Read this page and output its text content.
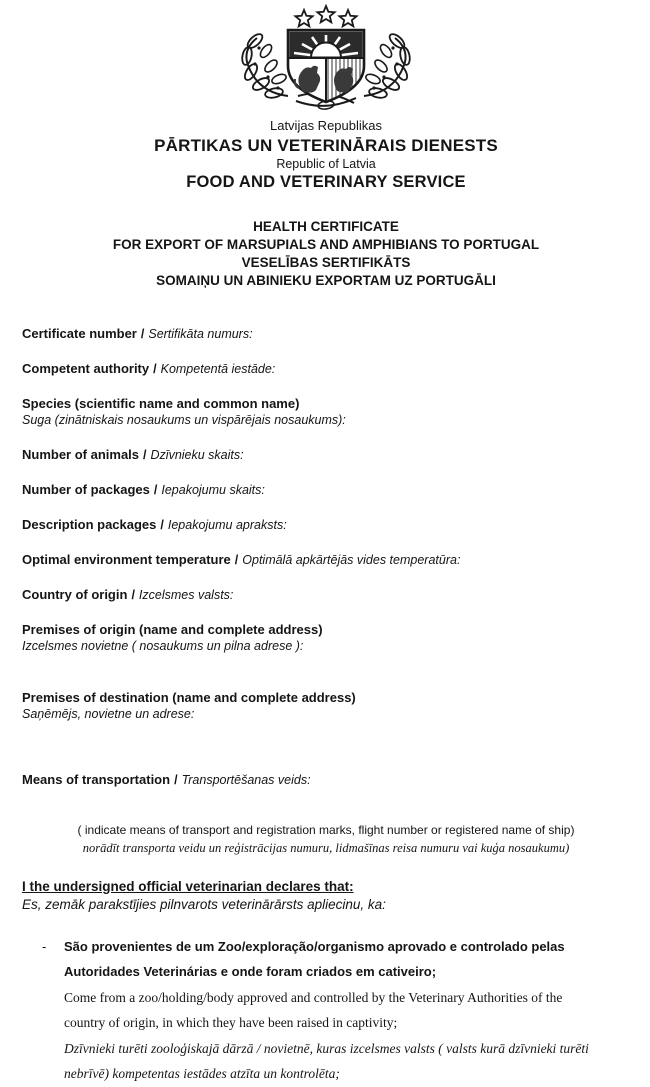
Latvijas Republikas
PĀRTIKAS UN VETERINĀRAIS DIENESTS
Republic of Latvia
FOOD AND VETERINARY SERVICE
HEALTH CERTIFICATE
FOR EXPORT OF MARSUPIALS AND AMPHIBIANS TO PORTUGAL
VESELĪBAS SERTIFIKĀTS
SOMAIŅU UN ABINIEKU EXPORTAM UZ PORTUGĀLI
Certificate number / Sertifikāta numurs:
Competent authority / Kompetentā iestāde:
Species (scientific name and common name)
Suga (zinātniskais nosaukums un vispārējais nosaukums):
Number of animals / Dzīvnieku skaits:
Number of packages / Iepakojumu skaits:
Description packages / Iepakojumu apraksts:
Optimal environment temperature / Optimālā apkārtējās vides temperatūra:
Country of origin / Izcelsmes valsts:
Premises of origin (name and complete address)
Izcelsmes novietne ( nosaukums un pilna adrese ):
Premises of destination (name and complete address)
Saņēmējs, novietne un adrese:
Means of transportation / Transportēšanas veids:
( indicate means of transport and registration marks, flight number or registered name of ship)
norādīt transporta veidu un reģistrācijas numuru, lidmašīnas reisa numuru vai kuģa nosaukumu)
I the undersigned official veterinarian declares that:
Es, zemāk parakstījies pilnvarots veterinārārsts apliecinu, ka:
-	São provenientes de um Zoo/exploração/organismo aprovado e controlado pelas Autoridades Veterinárias e onde foram criados em cativeiro;

Come from a zoo/holding/body approved and controlled by the Veterinary Authorities of the country of origin, in which they have been raised in captivity;

Dzīvnieki turēti zooloģiskajā dārzā / novietnē, kuras izcelsmes valsts ( valsts kurā dzīvnieki turēti nebrīvē) kompetentas iestādes atzīta un kontrolēta;
